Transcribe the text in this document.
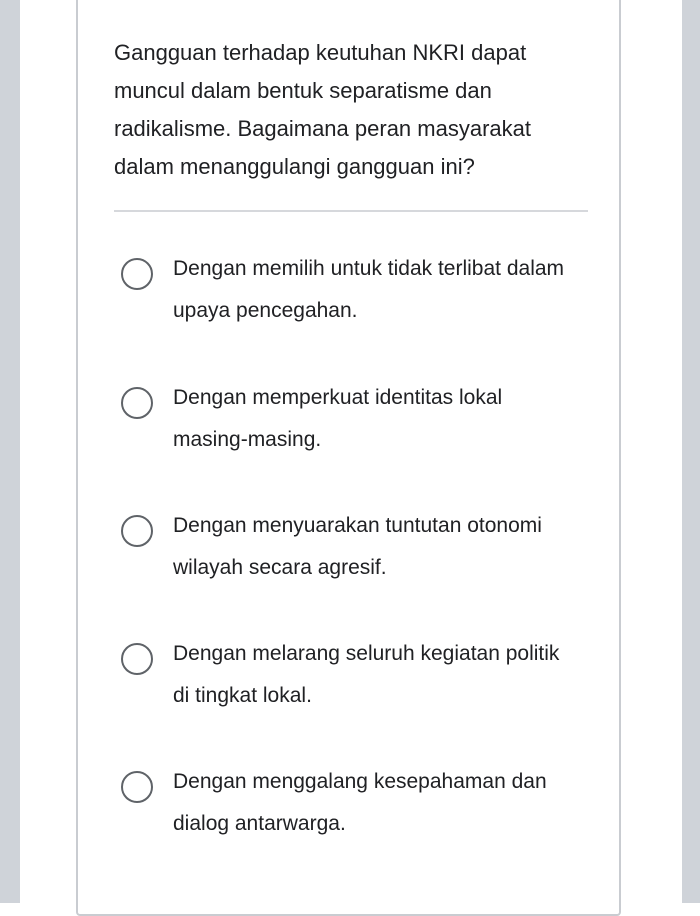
Gangguan terhadap keutuhan NKRI dapat muncul dalam bentuk separatisme dan radikalisme. Bagaimana peran masyarakat dalam menanggulangi gangguan ini?

Dengan memilih untuk tidak terlibat dalam upaya pencegahan.
Dengan memperkuat identitas lokal masing-masing.
Dengan menyuarakan tuntutan otonomi wilayah secara agresif.
Dengan melarang seluruh kegiatan politik di tingkat lokal.
Dengan menggalang kesepahaman dan dialog antarwarga.
